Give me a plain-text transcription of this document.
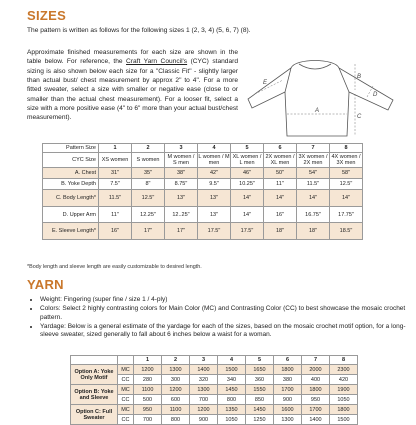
SIZES
The pattern is written as follows for the following sizes 1 (2, 3, 4) (5, 6, 7) (8).
Approximate finished measurements for each size are shown in the table below. For reference, the Craft Yarn Council's (CYC) standard sizing is also shown below each size for a "Classic Fit" - slightly larger than actual bust/ chest measurement by approx 2" to 4". For a more fitted sweater, select a size with smaller or negative ease (close to or smaller than the actual chest measurement). For a looser fit, select a size with a more positive ease (4" to 6" more than your actual bust/chest measurement).
A
B
C
D
E
Pattern Size	1	2	3	4	5	6	7	8
CYC Size	XS women	S women	M women / S men	L women / M men	XL women / L men	2X women / XL men	3X women / 2X men	4X women / 3X men
A. Chest	31"	35"	38"	42"	46"	50"	54"	58"
B. Yoke Depth	7.5"	8"	8.75"	9.5"	10.25"	11"	11.5"	12.5"
C. Body Length*	11.5"	12.5"	13"	13"	14"	14"	14"	14"
D. Upper Arm	11"	12.25"	12..25"	13"	14"	16"	16.75"	17.75"
E. Sleeve Length*	16"	17"	17"	17.5"	17.5"	18"	18"	18.5"
*Body length and sleeve length are easily customizable to desired length.
YARN
• Weight: Fingering (super fine / size 1 / 4-ply)
• Colors: Select 2 highly contrasting colors for Main Color (MC) and Contrasting Color (CC) to best showcase the mosaic crochet pattern.
• Yardage: Below is a general estimate of the yardage for each of the sizes, based on the mosaic crochet motif option, for a long-sleeve sweater, sized generally to fall about 6 inches below a waist for a woman.
		1	2	3	4	5	6	7	8
Option A: Yoke Only Motif	MC	1200	1300	1400	1500	1650	1800	2000	2300
	CC	280	300	320	340	360	380	400	420
Option B: Yoke and Sleeve	MC	1100	1200	1300	1450	1550	1700	1800	1900
	CC	500	600	700	800	850	900	950	1050
Option C: Full Sweater	MC	950	1100	1200	1350	1450	1600	1700	1800
	CC	700	800	900	1050	1250	1300	1400	1500
